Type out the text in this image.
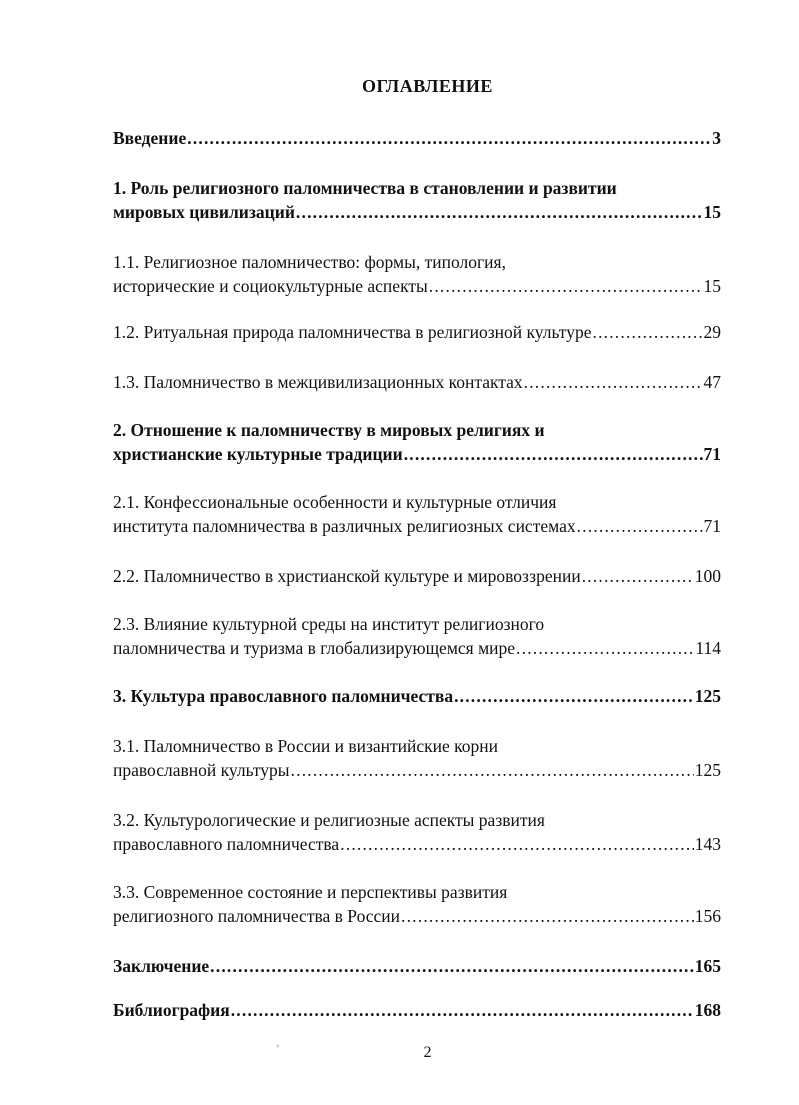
ОГЛАВЛЕНИЕ
Введение .....	3
1. Роль религиозного паломничества в становлении и развитии
мировых цивилизаций .....	15
1.1. Религиозное паломничество: формы, типология,
исторические и социокультурные аспекты .....	15
1.2. Ритуальная природа паломничества в религиозной культуре .....	29
1.3. Паломничество в межцивилизационных контактах .....	47
2. Отношение к паломничеству в мировых религиях и
христианские культурные традиции .....	71
2.1. Конфессиональные особенности и культурные отличия
института паломничества в различных религиозных системах .....	71
2.2. Паломничество в христианской культуре и мировоззрении .....	100
2.3. Влияние культурной среды на институт религиозного
паломничества и туризма в глобализирующемся мире .....	114
3. Культура православного паломничества .....	125
3.1. Паломничество в России и византийские корни
православной культуры .....	125
3.2. Культурологические и религиозные аспекты развития
православного паломничества .....	143
3.3. Современное состояние и перспективы развития
религиозного паломничества в России .....	156
Заключение .....	165
Библиография .....	168
'	2
